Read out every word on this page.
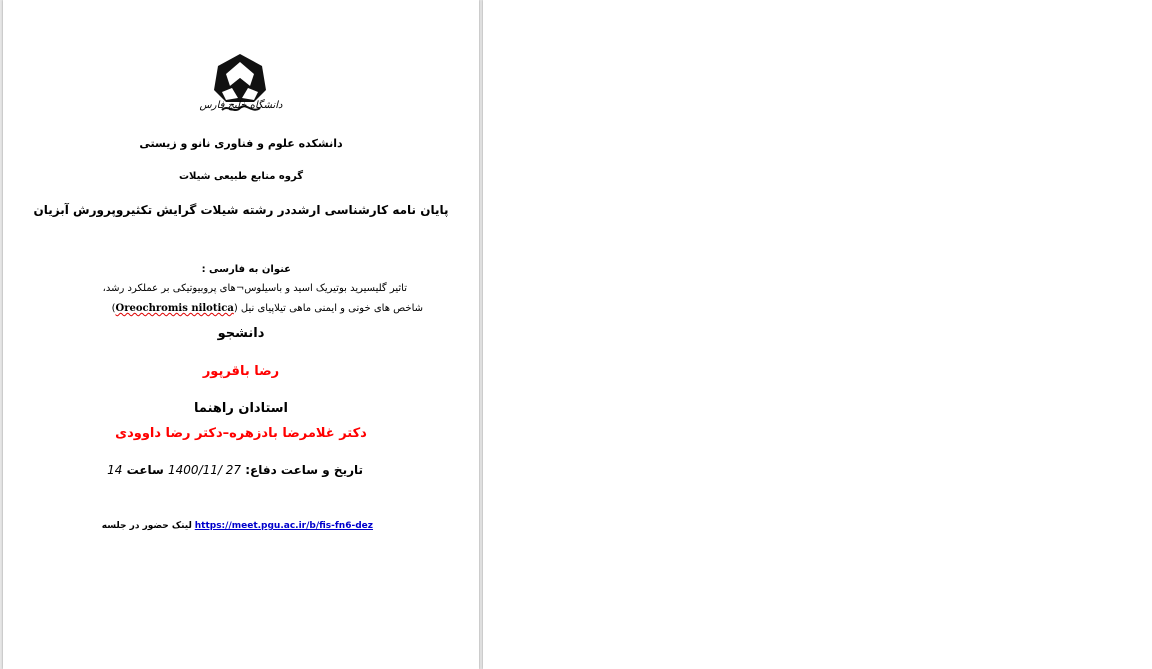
دانشگاه خلیج فارس
دانشکده علوم و فناوری نانو و زیستی
گروه منابع طبیعی شیلات
پایان نامه کارشناسی ارشددر رشته شیلات گرایش تکثیروپرورش آبزیان
عنوان به فارسی :
تاثیر گلیسیرید بوتیریک اسید و باسیلوس¬های پروبیوتیکی بر عملکرد رشد،
شاخص های خونی و ایمنی ماهی تیلاپیای نیل (Oreochromis nilotica)
دانشجو
رضا باقرپور
استادان راهنما
دکتر غلامرضا بادزهره–دکتر رضا داوودی
تاریخ و ساعت دفاع: 1400/11/ 27 ساعت 14
https://meet.pgu.ac.ir/b/fis-fn6-dez لینک حضور در جلسه
